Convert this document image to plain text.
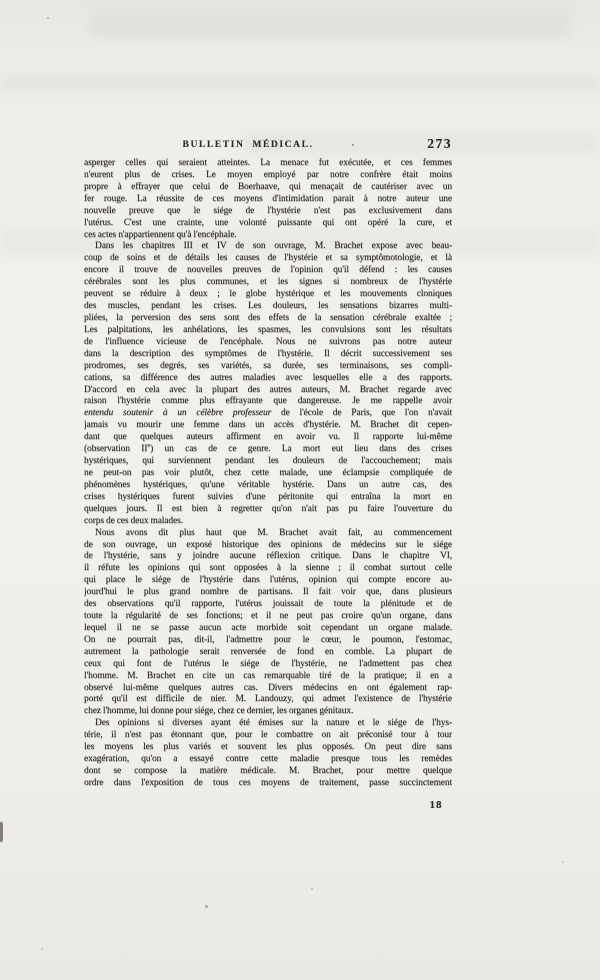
BULLETIN MÉDICAL.	273
asperger celles qui seraient atteintes. La menace fut exécutée, et ces femmes
n'eurent plus de crises. Le moyen employé par notre confrère était moins
propre à effrayer que celui de Boerhaave, qui menaçait de cautériser avec un
fer rouge. La réussite de ces moyens d'intimidation parait à notre auteur une
nouvelle preuve que le siége de l'hystérie n'est pas exclusivement dans
l'utérus. C'est une crainte, une volonté puissante qui ont opéré la cure, et
ces actes n'appartiennent qu'à l'encéphale.
Dans les chapitres III et IV de son ouvrage, M. Brachet expose avec beau-
coup de soins et de détails les causes de l'hystérie et sa symptômotologie, et là
encore il trouve de nouvelles preuves de l'opinion qu'il défend : les causes
cérébrales sont les plus communes, et les signes si nombreux de l'hystérie
peuvent se réduire à deux ; le globe hystérique et les mouvements cloniques
des muscles, pendant les crises. Les douleurs, les sensations bizarres multi-
pliées, la perversion des sens sont des effets de la sensation cérébrale exaltée ;
Les palpitations, les anhélations, les spasmes, les convulsions sont les résultats
de l'influence vicieuse de l'encéphale. Nous ne suivrons pas notre auteur
dans la description des symptômes de l'hystérie. Il décrit successivement ses
prodromes, ses degrés, ses variétés, sa durée, ses terminaisons, ses compli-
cations, sa différence des autres maladies avec lesquelles elle a des rapports.
D'accord en cela avec la plupart des autres auteurs, M. Brachet regarde avec
raison l'hystérie comme plus effrayante que dangereuse. Je me rappelle avoir
entendu soutenir à un célèbre professeur de l'école de Paris, que l'on n'avait
jamais vu mourir une femme dans un accès d'hystérie. M. Brachet dit cepen-
dant que quelques auteurs affirment en avoir vu. Il rapporte lui-même
(observation IIe) un cas de ce genre. La mort eut lieu dans des crises
hystériques, qui surviennent pendant les douleurs de l'accouchement; mais
ne peut-on pas voir plutôt, chez cette malade, une éclampsie compliquée de
phénomènes hystériques, qu'une véritable hystérie. Dans un autre cas, des
crises hystériques furent suivies d'une péritonite qui entraîna la mort en
quelques jours. Il est bien à regretter qu'on n'ait pas pu faire l'ouverture du
corps de ces deux malades.
Nous avons dit plus haut que M. Brachet avait fait, au commencement
de son ouvrage, un exposé historique des opinions de médecins sur le siége
de l'hystérie, sans y joindre aucune réflexion critique. Dans le chapitre VI,
il réfute les opinions qui sont opposées à la sienne ; il combat surtout celle
qui place le siége de l'hystérie dans l'utérus, opinion qui compte encore au-
jourd'hui le plus grand nombre de partisans. Il fait voir que, dans plusieurs
des observations qu'il rapporte, l'utérus jouissait de toute la plénitude et de
toute la régularité de ses fonctions; et il ne peut pas croire qu'un organe, dans
lequel il ne se passe aucun acte morbide soit cependant un organe malade.
On ne pourrait pas, dit-il, l'admettre pour le cœur, le poumon, l'estomac,
autrement la pathologie serait renversée de fond en comble. La plupart de
ceux qui font de l'utérus le siége de l'hystérie, ne l'admettent pas chez
l'homme. M. Brachet en cite un cas remarquable tiré de la pratique; il en a
observé lui-même quelques autres cas. Divers médecins en ont également rap-
porté qu'il est difficile de nier. M. Landouzy, qui admet l'existence de l'hystérie
chez l'homme, lui donne pour siége, chez ce dernier, les organes génitaux.
Des opinions si diverses ayant été émises sur la nature et le siége de l'hys-
térie, il n'est pas étonnant que, pour le combattre on ait préconisé tour à tour
les moyens les plus variés et souvent les plus opposés. On peut dire sans
exagération, qu'on a essayé contre cette maladie presque tous les remèdes
dont se compose la matière médicale. M. Brachet, pour mettre quelque
ordre dans l'exposition de tous ces moyens de traitement, passe succinctement
18
